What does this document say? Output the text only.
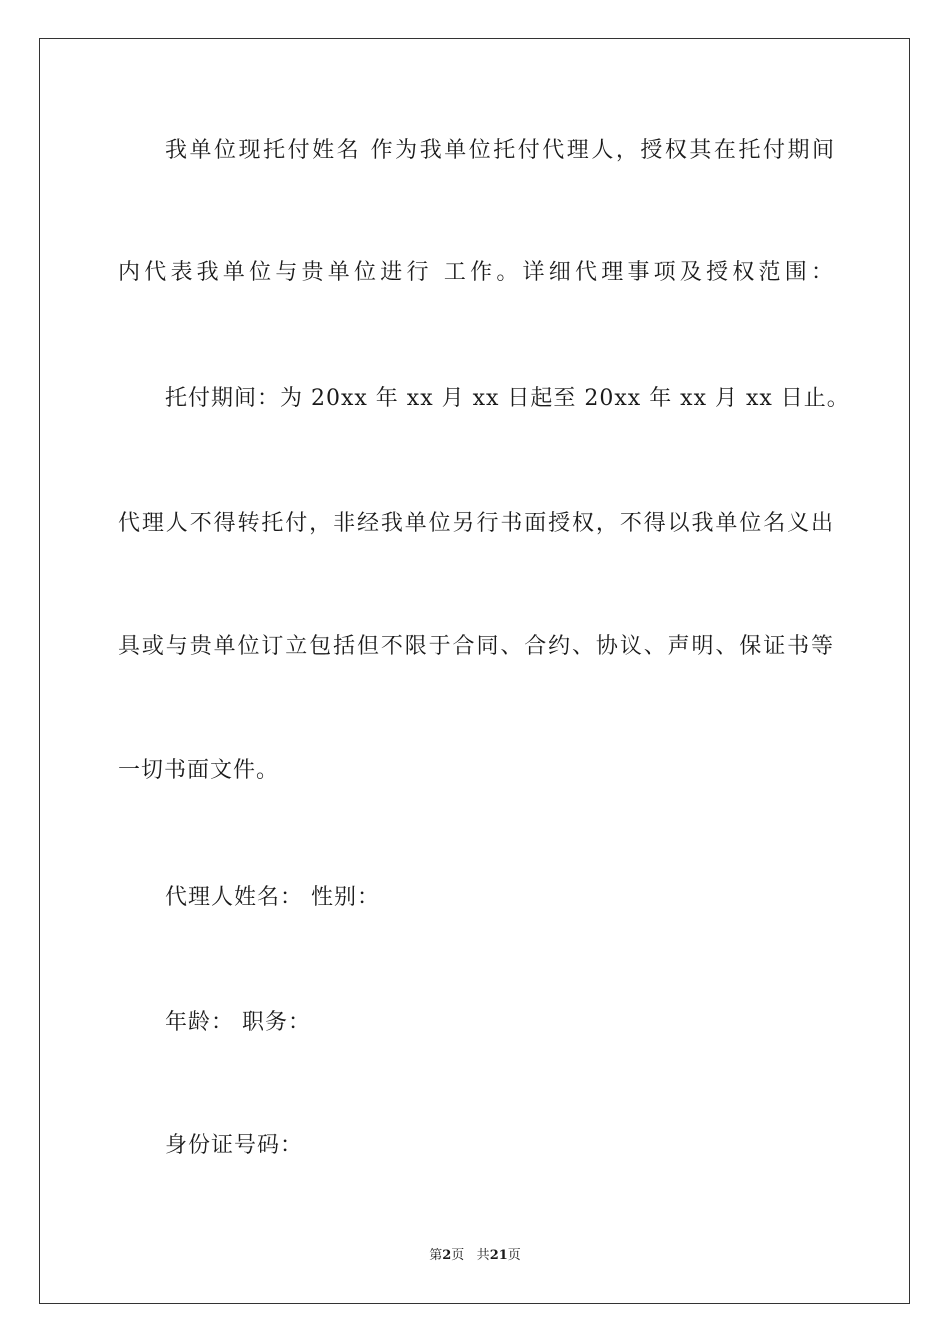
我单位现托付姓名 作为我单位托付代理人，授权其在托付期间
内代表我单位与贵单位进行 工作。详细代理事项及授权范围：
托付期间：为 20xx 年 xx 月 xx 日起至 20xx 年 xx 月 xx 日止。
代理人不得转托付，非经我单位另行书面授权，不得以我单位名义出
具或与贵单位订立包括但不限于合同、合约、协议、声明、保证书等
一切书面文件。
代理人姓名： 性别：
年龄： 职务：
身份证号码：
第2页 共21页
